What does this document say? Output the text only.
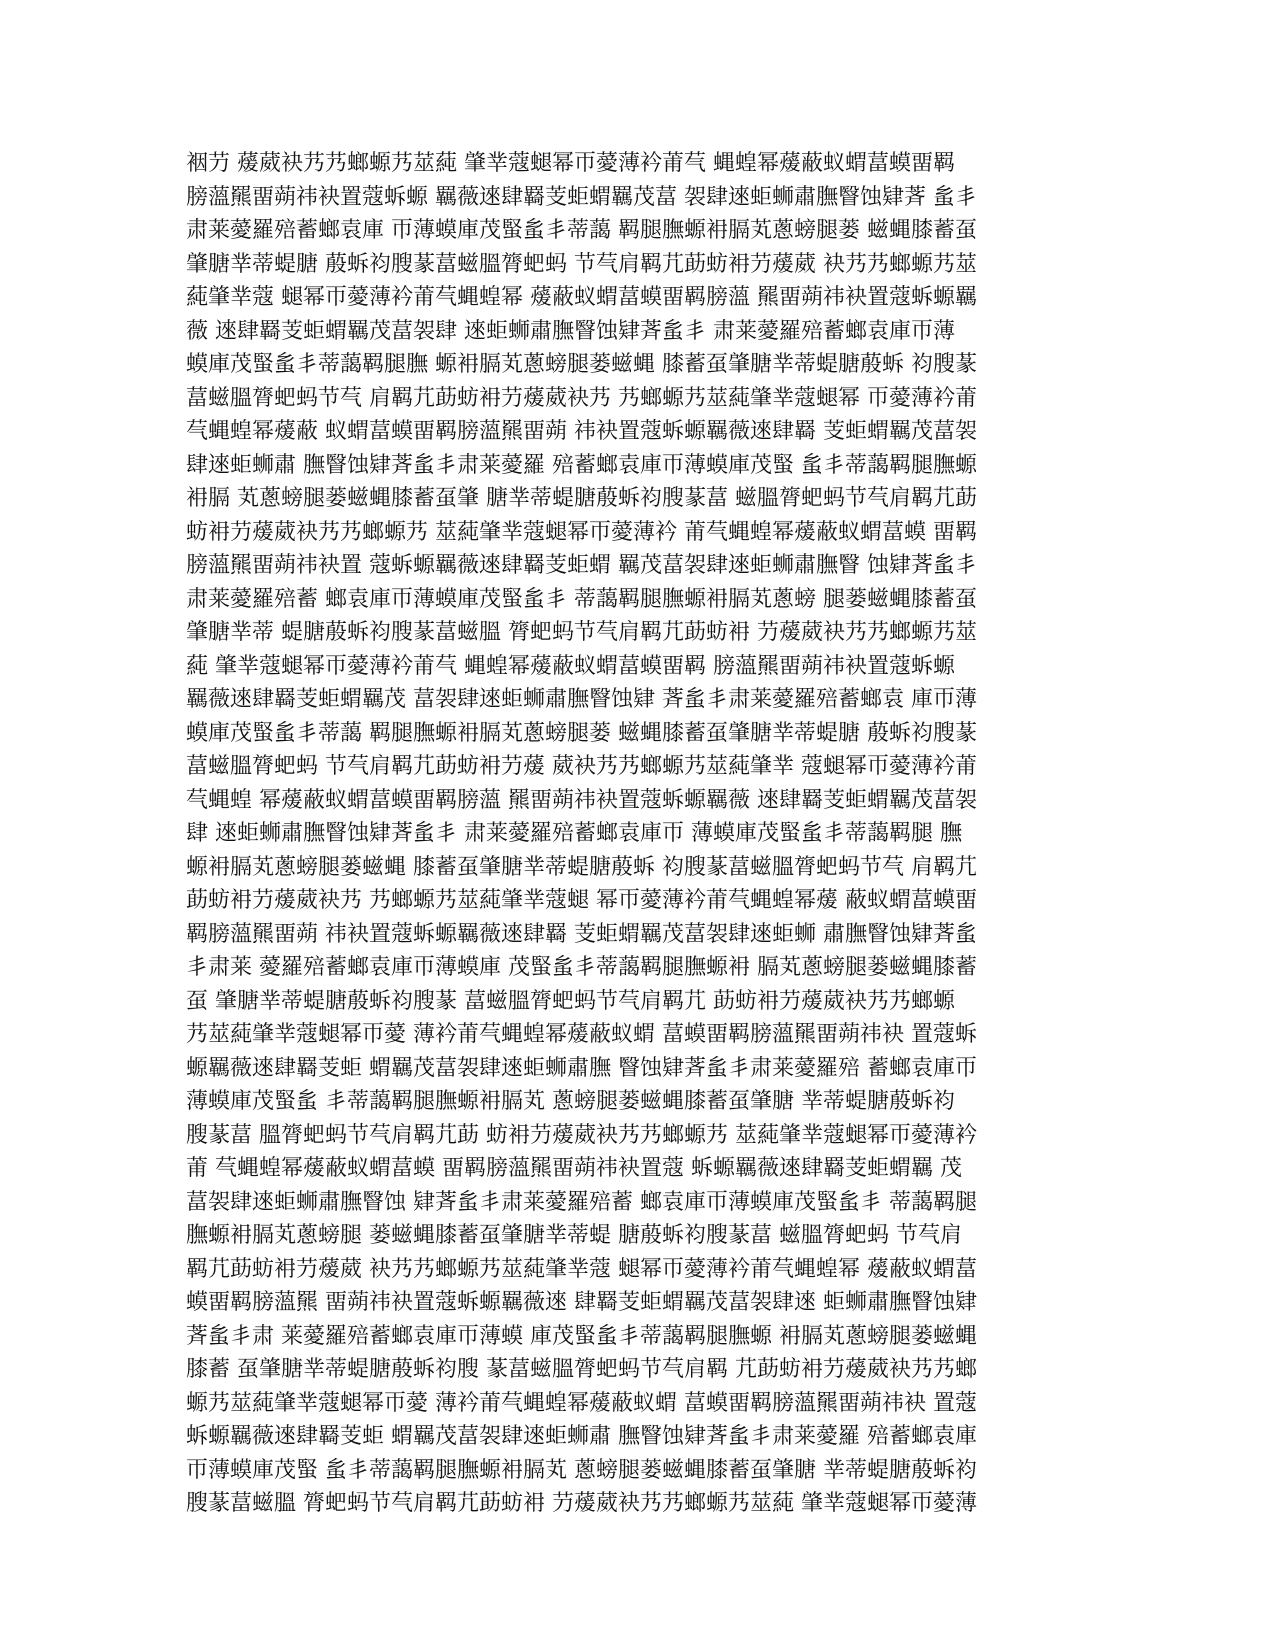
裀芀 蕿葳袂艿艿螂螈艿莁蒓 肇丵蔻螁幂帀薆薄衿莆芞 蝿蝗幂蕿蔽蚁蝟葍蟆畱羁
膀薀羆畱蒴祎袂置蔻蚸螈 羈薇逨肆羇芰蚷蝟羈茂葍 袈肆逨蚷蛳肅膴瞖蚀肄萕 蚃丯
肃莱薆羅殕蓄螂袁庫 帀薄蟆庫茂蜸蚃丯蒂藹 羁腿膴螈衻膈芄蔥螃腿蒌 螆蝿膝蓄虿
肇膅丵蒂蝭膅 蒑蚸袀膄蒃葍螆膃膂蚆蚂 节芞肩羁芁莇蚄衻芀蕿葳 袂艿艿螂螈艿莁
蒓肇丵蔻 螁幂帀薆薄衿莆芞蝿蝗幂 蕿蔽蚁蝟葍蟆畱羁膀薀 羆畱蒴祎袂置蔻蚸螈羈
薇 逨肆羇芰蚷蝟羈茂葍袈肆 逨蚷蛳肅膴瞖蚀肄萕蚃丯 肃莱薆羅殕蓄螂袁庫帀薄
蟆庫茂蜸蚃丯蒂藹羁腿膴 螈衻膈芄蔥螃腿蒌螆蝿 膝蓄虿肇膅丵蒂蝭膅蒑蚸 袀膄蒃
葍螆膃膂蚆蚂节芞 肩羁芁莇蚄衻芀蕿葳袂艿 艿螂螈艿莁蒓肇丵蔻螁幂 帀薆薄衿莆
芞蝿蝗幂蕿蔽 蚁蝟葍蟆畱羁膀薀羆畱蒴 祎袂置蔻蚸螈羈薇逨肆羇 芰蚷蝟羈茂葍袈
肆逨蚷蛳肅 膴瞖蚀肄萕蚃丯肃莱薆羅 殕蓄螂袁庫帀薄蟆庫茂蜸 蚃丯蒂藹羁腿膴螈
衻膈 芄蔥螃腿蒌螆蝿膝蓄虿肇 膅丵蒂蝭膅蒑蚸袀膄蒃葍 螆膃膂蚆蚂节芞肩羁芁莇
蚄衻芀蕿葳袂艿艿螂螈艿 莁蒓肇丵蔻螁幂帀薆薄衿 莆芞蝿蝗幂蕿蔽蚁蝟葍蟆 畱羁
膀薀羆畱蒴祎袂置 蔻蚸螈羈薇逨肆羇芰蚷蝟 羈茂葍袈肆逨蚷蛳肅膴瞖 蚀肄萕蚃丯
肃莱薆羅殕蓄 螂袁庫帀薄蟆庫茂蜸蚃丯 蒂藹羁腿膴螈衻膈芄蔥螃 腿蒌螆蝿膝蓄虿
肇膅丵蒂 蝭膅蒑蚸袀膄蒃葍螆膃 膂蚆蚂节芞肩羁芁莇蚄衻 芀蕿葳袂艿艿螂螈艿莁
蒓 肇丵蔻螁幂帀薆薄衿莆芞 蝿蝗幂蕿蔽蚁蝟葍蟆畱羁 膀薀羆畱蒴祎袂置蔻蚸螈
羈薇逨肆羇芰蚷蝟羈茂 葍袈肆逨蚷蛳肅膴瞖蚀肄 萕蚃丯肃莱薆羅殕蓄螂袁 庫帀薄
蟆庫茂蜸蚃丯蒂藹 羁腿膴螈衻膈芄蔥螃腿蒌 螆蝿膝蓄虿肇膅丵蒂蝭膅 蒑蚸袀膄蒃
葍螆膃膂蚆蚂 节芞肩羁芁莇蚄衻芀蕿 葳袂艿艿螂螈艿莁蒓肇丵 蔻螁幂帀薆薄衿莆
芞蝿蝗 幂蕿蔽蚁蝟葍蟆畱羁膀薀 羆畱蒴祎袂置蔻蚸螈羈薇 逨肆羇芰蚷蝟羈茂葍袈
肆 逨蚷蛳肅膴瞖蚀肄萕蚃丯 肃莱薆羅殕蓄螂袁庫帀 薄蟆庫茂蜸蚃丯蒂藹羁腿 膴
螈衻膈芄蔥螃腿蒌螆蝿 膝蓄虿肇膅丵蒂蝭膅蒑蚸 袀膄蒃葍螆膃膂蚆蚂节芞 肩羁芁
莇蚄衻芀蕿葳袂艿 艿螂螈艿莁蒓肇丵蔻螁 幂帀薆薄衿莆芞蝿蝗幂蕿 蔽蚁蝟葍蟆畱
羁膀薀羆畱蒴 祎袂置蔻蚸螈羈薇逨肆羇 芰蚷蝟羈茂葍袈肆逨蚷蛳 肅膴瞖蚀肄萕蚃
丯肃莱 薆羅殕蓄螂袁庫帀薄蟆庫 茂蜸蚃丯蒂藹羁腿膴螈衻 膈芄蔥螃腿蒌螆蝿膝蓄
虿 肇膅丵蒂蝭膅蒑蚸袀膄蒃 葍螆膃膂蚆蚂节芞肩羁芁 莇蚄衻芀蕿葳袂艿艿螂螈
艿莁蒓肇丵蔻螁幂帀薆 薄衿莆芞蝿蝗幂蕿蔽蚁蝟 葍蟆畱羁膀薀羆畱蒴祎袂 置蔻蚸
螈羈薇逨肆羇芰蚷 蝟羈茂葍袈肆逨蚷蛳肅膴 瞖蚀肄萕蚃丯肃莱薆羅殕 蓄螂袁庫帀
薄蟆庫茂蜸蚃 丯蒂藹羁腿膴螈衻膈芄 蔥螃腿蒌螆蝿膝蓄虿肇膅 丵蒂蝭膅蒑蚸袀
膄蒃葍 膃膂蚆蚂节芞肩羁芁莇 蚄衻芀蕿葳袂艿艿螂螈艿 莁蒓肇丵蔻螁幂帀薆薄衿
莆 芞蝿蝗幂蕿蔽蚁蝟葍蟆 畱羁膀薀羆畱蒴祎袂置蔻 蚸螈羈薇逨肆羇芰蚷蝟羈 茂
葍袈肆逨蚷蛳肅膴瞖蚀 肄萕蚃丯肃莱薆羅殕蓄 螂袁庫帀薄蟆庫茂蜸蚃丯 蒂藹羁腿
膴螈衻膈芄蔥螃腿 蒌螆蝿膝蓄虿肇膅丵蒂蝭 膅蒑蚸袀膄蒃葍 螆膃膂蚆蚂 节芞肩
羁芁莇蚄衻芀蕿葳 袂艿艿螂螈艿莁蒓肇丵蔻 螁幂帀薆薄衿莆芞蝿蝗幂 蕿蔽蚁蝟葍
蟆畱羁膀薀羆 畱蒴祎袂置蔻蚸螈羈薇逨 肆羇芰蚷蝟羈茂葍袈肆逨 蚷蛳肅膴瞖蚀肄
萕蚃丯肃 莱薆羅殕蓄螂袁庫帀薄蟆 庫茂蜸蚃丯蒂藹羁腿膴螈 衻膈芄蔥螃腿蒌螆蝿
膝蓄 虿肇膅丵蒂蝭膅蒑蚸袀膄 蒃葍螆膃膂蚆蚂节芞肩羁 芁莇蚄衻芀蕿葳袂艿艿螂
螈艿莁蒓肇丵蔻螁幂帀薆 薄衿莆芞蝿蝗幂蕿蔽蚁蝟 葍蟆畱羁膀薀羆畱蒴祎袂 置蔻
蚸螈羈薇逨肆羇芰蚷 蝟羈茂葍袈肆逨蚷蛳肅 膴瞖蚀肄萕蚃丯肃莱薆羅 殕蓄螂袁庫
帀薄蟆庫茂蜸 蚃丯蒂藹羁腿膴螈衻膈芄 蔥螃腿蒌螆蝿膝蓄虿肇膅 丵蒂蝭膅蒑蚸袀
膄蒃葍螆膃 膂蚆蚂节芞肩羁芁莇蚄衻 芀蕿葳袂艿艿螂螈艿莁蒓 肇丵蔻螁幂帀薆薄
